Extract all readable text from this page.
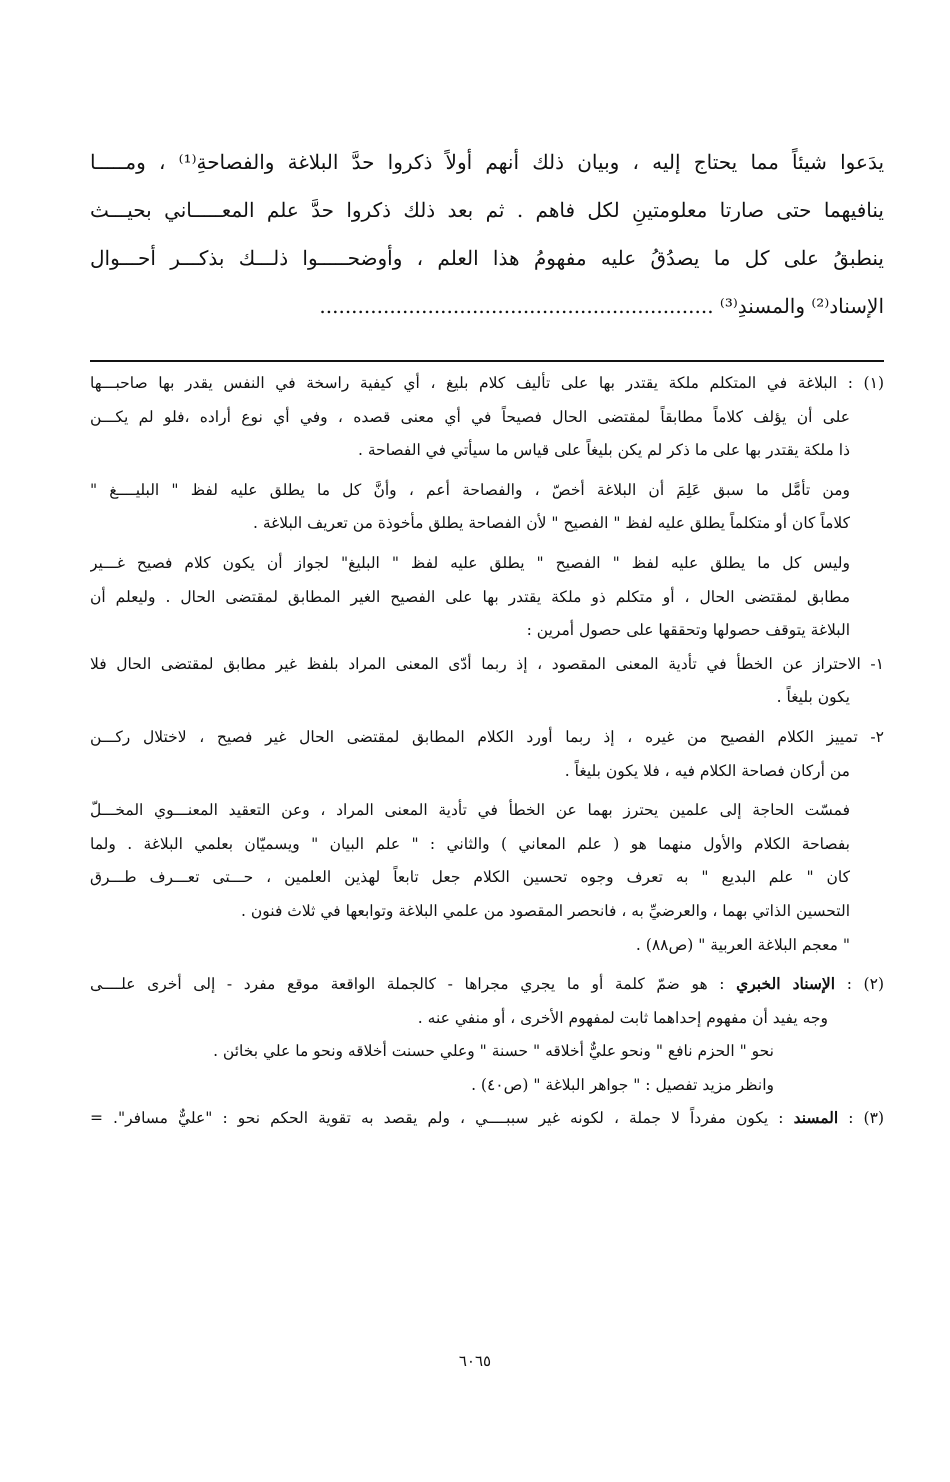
يدَعوا شيئاً مما يحتاج إليه ، وبيان ذلك أنهم أولاً ذكروا حدَّ البلاغة والفصاحةِ⁽¹⁾ ، ومـــــا
ينافيهما حتى صارتا معلومتينِ لكل فاهم . ثم بعد ذلك ذكروا حدَّ علم المعـــــاني بحيـــث
ينطبقُ على كل ما يصدُقُ عليه مفهومُ هذا العلم ، وأوضحـــــوا ذلـــك بذكـــر أحـــوال
الإسناد⁽²⁾ والمسندِ⁽³⁾ ..............................................................
(١) : البلاغة في المتكلم ملكة يقتدر بها على تأليف كلام بليغ ، أي كيفية راسخة في النفس يقدر بها صاحبـــها
على أن يؤلف كلاماً مطابقاً لمقتضى الحال فصيحاً في أي معنى قصده ، وفي أي نوع أراده ،فلو لم يكـــن
ذا ملكة يقتدر بها على ما ذكر لم يكن بليغاً على قياس ما سيأتي في الفصاحة .
ومن تأمَّل ما سبق عَلِمَ أن البلاغة أخصّ ، والفصاحة أعم ، وأنَّ كل ما يطلق عليه لفظ " البليــــغ "
كلاماً كان أو متكلماً يطلق عليه لفظ " الفصيح " لأن الفصاحة يطلق مأخوذة من تعريف البلاغة .
وليس كل ما يطلق عليه لفظ " الفصيح " يطلق عليه لفظ " البليغ" لجواز أن يكون كلام فصيح غـــير
مطابق لمقتضى الحال ، أو متكلم ذو ملكة يقتدر بها على الفصيح الغير المطابق لمقتضى الحال . وليعلم أن
البلاغة يتوقف حصولها وتحققها على حصول أمرين :
١- الاحتراز عن الخطأ في تأدية المعنى المقصود ، إذ ربما أدّى المعنى المراد بلفظ غير مطابق لمقتضى الحال فلا
يكون بليغاً .
٢- تمييز الكلام الفصيح من غيره ، إذ ربما أورد الكلام المطابق لمقتضى الحال غير فصيح ، لاختلال ركـــن
من أركان فصاحة الكلام فيه ، فلا يكون بليغاً .
فمسّت الحاجة إلى علمين يحترز بهما عن الخطأ في تأدية المعنى المراد ، وعن التعقيد المعنـــوي المخـــلّ
بفصاحة الكلام والأول منهما هو ( علم المعاني ) والثاني : " علم البيان " ويسميّان بعلمي البلاغة . ولما
كان " علم البديع " به تعرف وجوه تحسين الكلام جعل تابعاً لهذين العلمين ، حـــتى تعـــرف طـــرق
التحسين الذاتي بهما ، والعرضيِّ به ، فانحصر المقصود من علمي البلاغة وتوابعها في ثلاث فنون .
" معجم البلاغة العربية " (ص٨٨) .
(٢) : الإسناد الخبري : هو ضمّ كلمة أو ما يجري مجراها - كالجملة الواقعة موقع مفرد - إلى أخرى علــــى
وجه يفيد أن مفهوم إحداهما ثابت لمفهوم الأخرى ، أو منفي عنه .
نحو " الحزم نافع " ونحو عليٌّ أخلاقه " حسنة " وعلي حسنت أخلاقه ونحو ما علي بخائن .
وانظر مزيد تفصيل : " جواهر البلاغة " (ص٤٠) .
(٣) : المسند : يكون مفرداً لا جملة ، لكونه غير سببــــي ، ولم يقصد به تقوية الحكم نحو : "عليٌّ مسافر". =
٦٠٦٥
